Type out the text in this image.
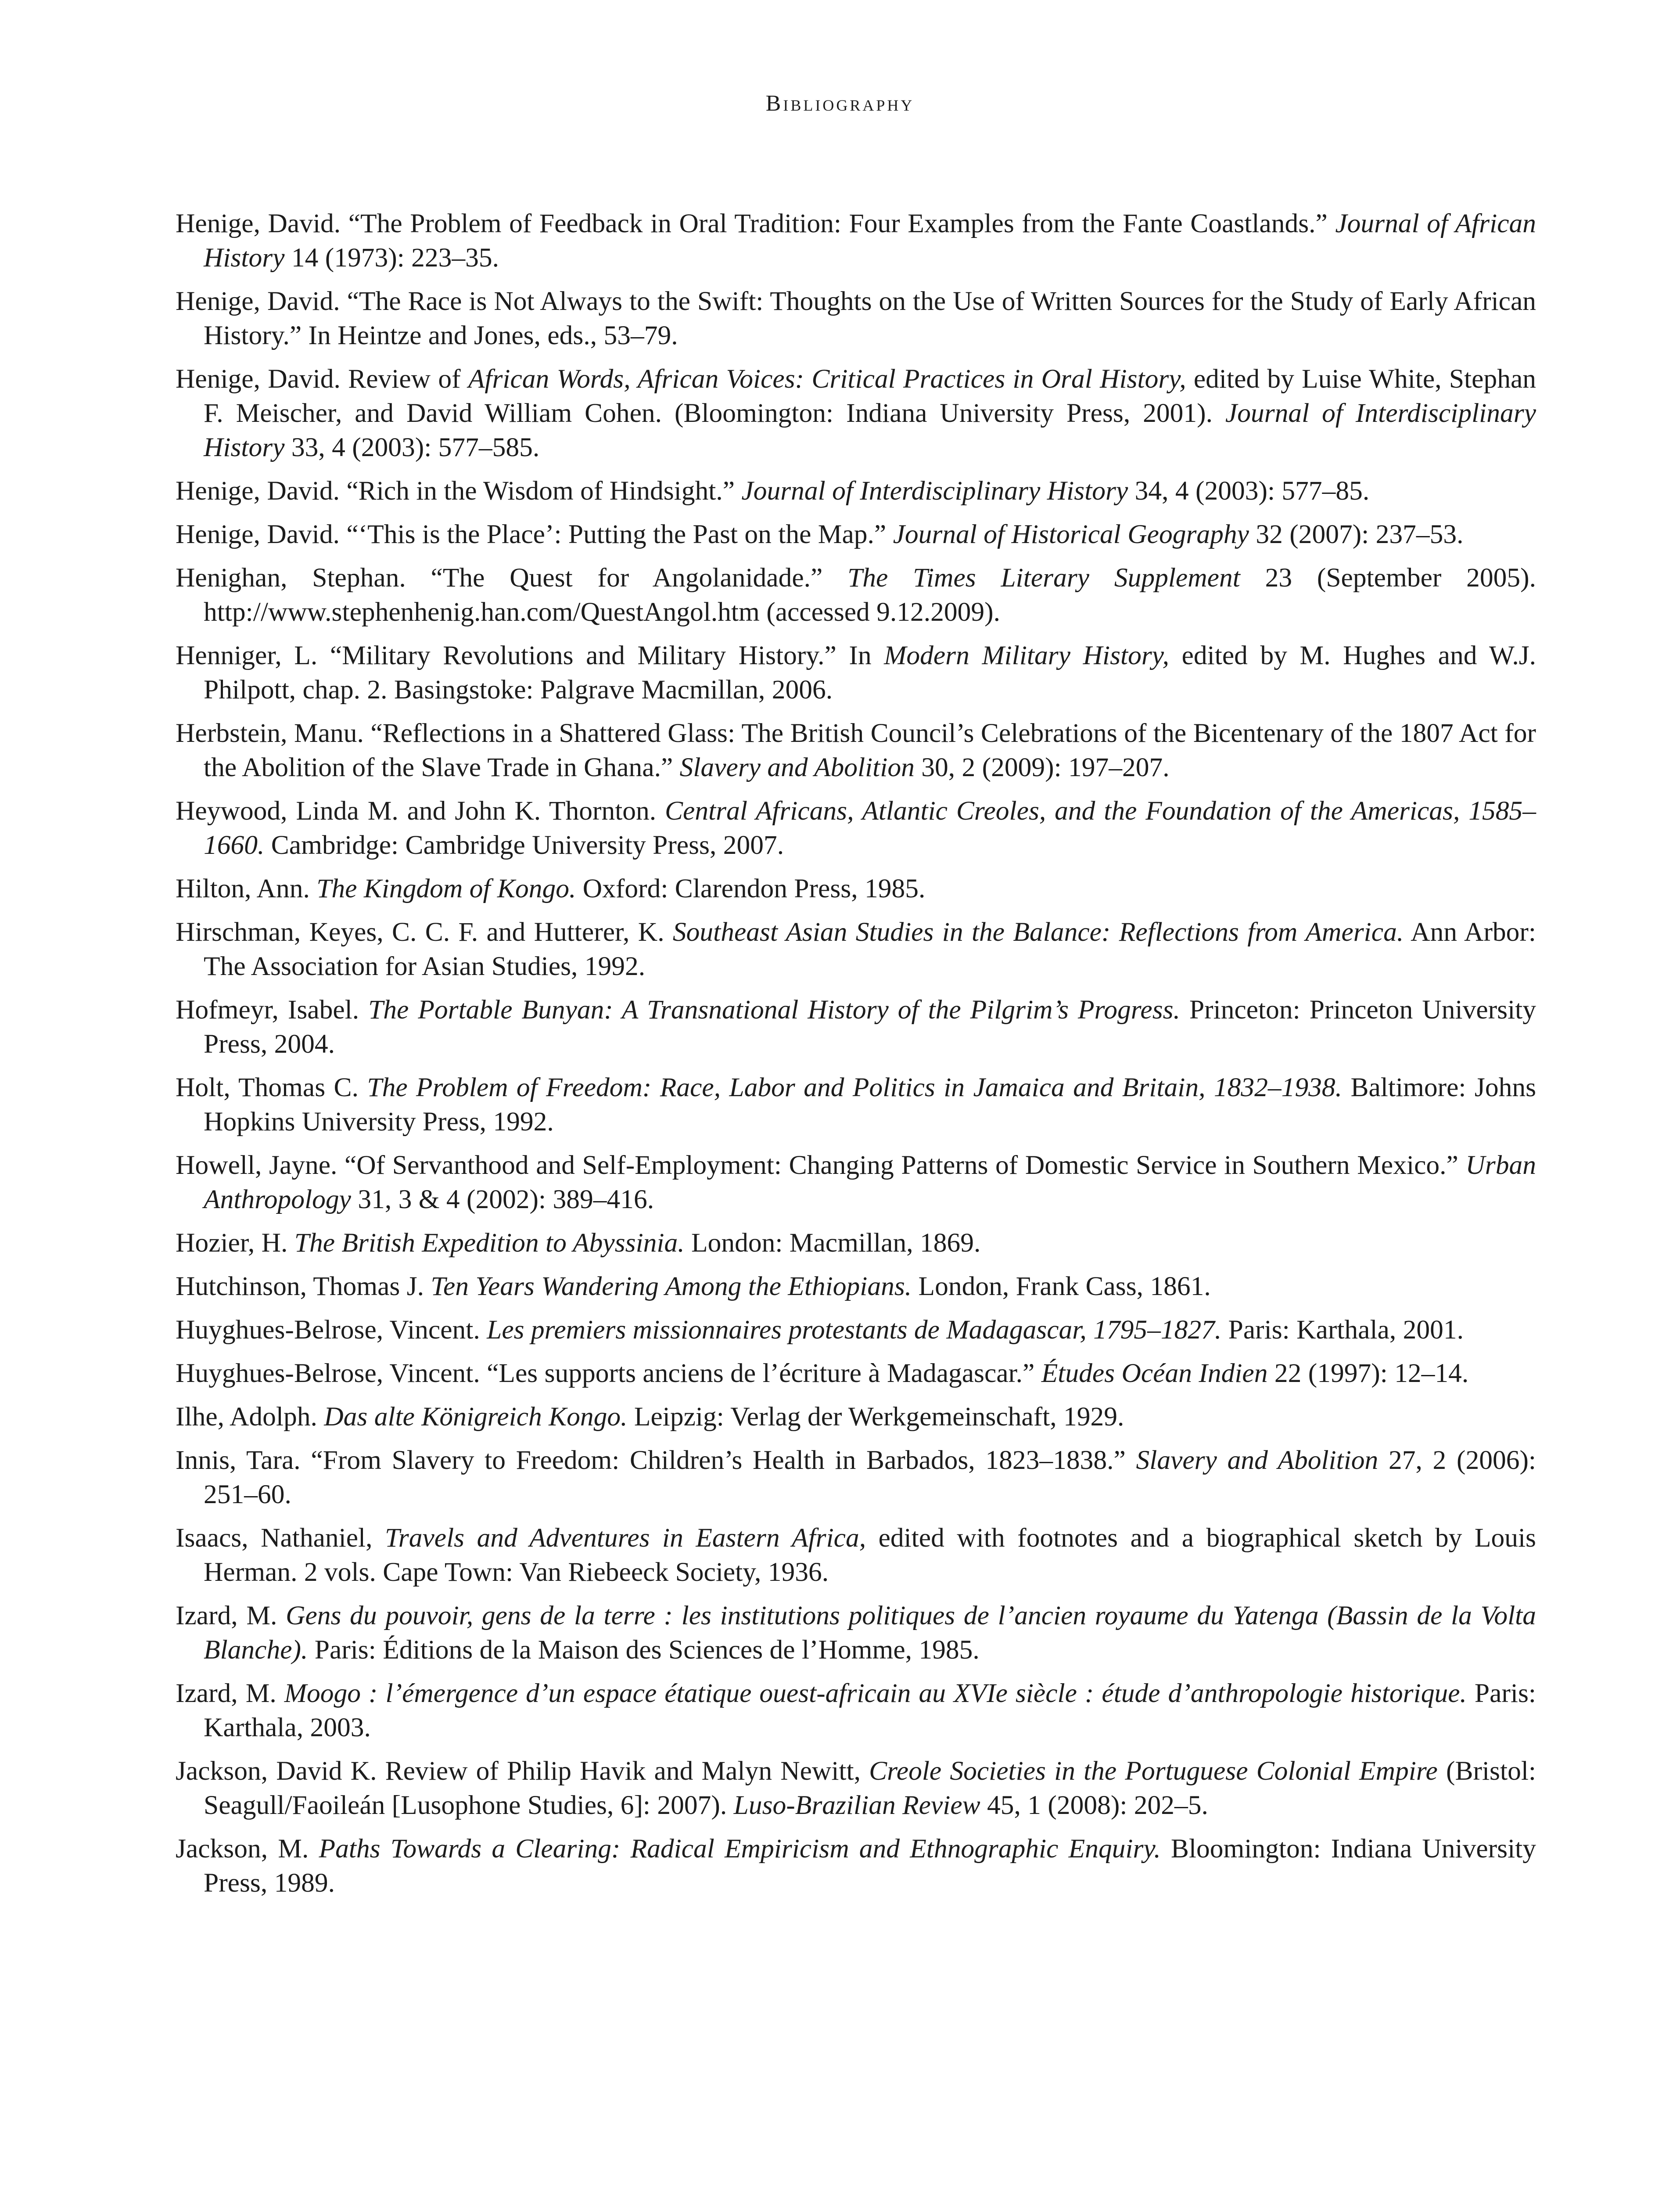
Bibliography
Henige, David. “The Problem of Feedback in Oral Tradition: Four Examples from the Fante Coastlands.” Journal of African History 14 (1973): 223–35.
Henige, David. “The Race is Not Always to the Swift: Thoughts on the Use of Written Sources for the Study of Early African History.” In Heintze and Jones, eds., 53–79.
Henige, David. Review of African Words, African Voices: Critical Practices in Oral History, edited by Luise White, Stephan F. Meischer, and David William Cohen. (Bloomington: Indiana University Press, 2001). Journal of Interdisciplinary History 33, 4 (2003): 577–585.
Henige, David. “Rich in the Wisdom of Hindsight.” Journal of Interdisciplinary History 34, 4 (2003): 577–85.
Henige, David. “‘This is the Place’: Putting the Past on the Map.” Journal of Historical Geography 32 (2007): 237–53.
Henighan, Stephan. “The Quest for Angolanidade.” The Times Literary Supplement 23 (September 2005). http://www.stephenhenig.han.com/QuestAngol.htm (accessed 9.12.2009).
Henniger, L. “Military Revolutions and Military History.” In Modern Military History, edited by M. Hughes and W.J. Philpott, chap. 2. Basingstoke: Palgrave Macmillan, 2006.
Herbstein, Manu. “Reflections in a Shattered Glass: The British Council’s Celebrations of the Bicentenary of the 1807 Act for the Abolition of the Slave Trade in Ghana.” Slavery and Abolition 30, 2 (2009): 197–207.
Heywood, Linda M. and John K. Thornton. Central Africans, Atlantic Creoles, and the Foundation of the Americas, 1585–1660. Cambridge: Cambridge University Press, 2007.
Hilton, Ann. The Kingdom of Kongo. Oxford: Clarendon Press, 1985.
Hirschman, Keyes, C. C. F. and Hutterer, K. Southeast Asian Studies in the Balance: Reflections from America. Ann Arbor: The Association for Asian Studies, 1992.
Hofmeyr, Isabel. The Portable Bunyan: A Transnational History of the Pilgrim’s Progress. Princeton: Princeton University Press, 2004.
Holt, Thomas C. The Problem of Freedom: Race, Labor and Politics in Jamaica and Britain, 1832–1938. Baltimore: Johns Hopkins University Press, 1992.
Howell, Jayne. “Of Servanthood and Self-Employment: Changing Patterns of Domestic Service in Southern Mexico.” Urban Anthropology 31, 3 & 4 (2002): 389–416.
Hozier, H. The British Expedition to Abyssinia. London: Macmillan, 1869.
Hutchinson, Thomas J. Ten Years Wandering Among the Ethiopians. London, Frank Cass, 1861.
Huyghues-Belrose, Vincent. Les premiers missionnaires protestants de Madagascar, 1795–1827. Paris: Karthala, 2001.
Huyghues-Belrose, Vincent. “Les supports anciens de l’écriture à Madagascar.” Études Océan Indien 22 (1997): 12–14.
Ilhe, Adolph. Das alte Königreich Kongo. Leipzig: Verlag der Werkgemeinschaft, 1929.
Innis, Tara. “From Slavery to Freedom: Children’s Health in Barbados, 1823–1838.” Slavery and Abolition 27, 2 (2006): 251–60.
Isaacs, Nathaniel, Travels and Adventures in Eastern Africa, edited with footnotes and a biographical sketch by Louis Herman. 2 vols. Cape Town: Van Riebeeck Society, 1936.
Izard, M. Gens du pouvoir, gens de la terre : les institutions politiques de l’ancien royaume du Yatenga (Bassin de la Volta Blanche). Paris: Éditions de la Maison des Sciences de l’Homme, 1985.
Izard, M. Moogo : l’émergence d’un espace étatique ouest-africain au XVIe siècle : étude d’anthropologie historique. Paris: Karthala, 2003.
Jackson, David K. Review of Philip Havik and Malyn Newitt, Creole Societies in the Portuguese Colonial Empire (Bristol: Seagull/Faoileán [Lusophone Studies, 6]: 2007). Luso-Brazilian Review 45, 1 (2008): 202–5.
Jackson, M. Paths Towards a Clearing: Radical Empiricism and Ethnographic Enquiry. Bloomington: Indiana University Press, 1989.
